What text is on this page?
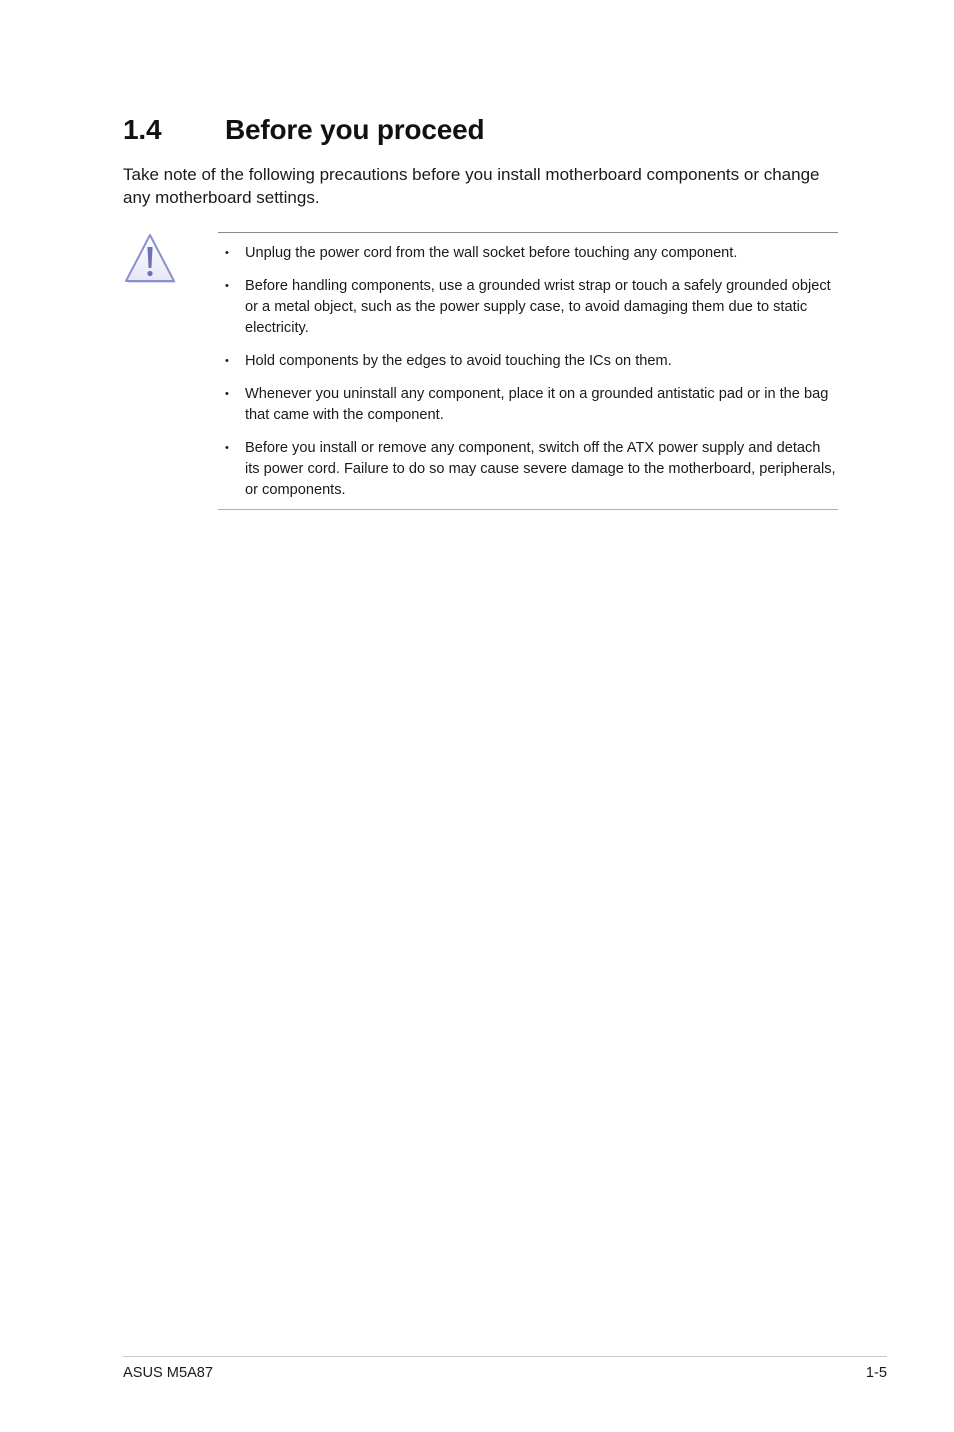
1.4 Before you proceed

Take note of the following precautions before you install motherboard components or change any motherboard settings.

• Unplug the power cord from the wall socket before touching any component.
• Before handling components, use a grounded wrist strap or touch a safely grounded object or a metal object, such as the power supply case, to avoid damaging them due to static electricity.
• Hold components by the edges to avoid touching the ICs on them.
• Whenever you uninstall any component, place it on a grounded antistatic pad or in the bag that came with the component.
• Before you install or remove any component, switch off the ATX power supply and detach its power cord. Failure to do so may cause severe damage to the motherboard, peripherals, or components.
ASUS M5A87	1-5
